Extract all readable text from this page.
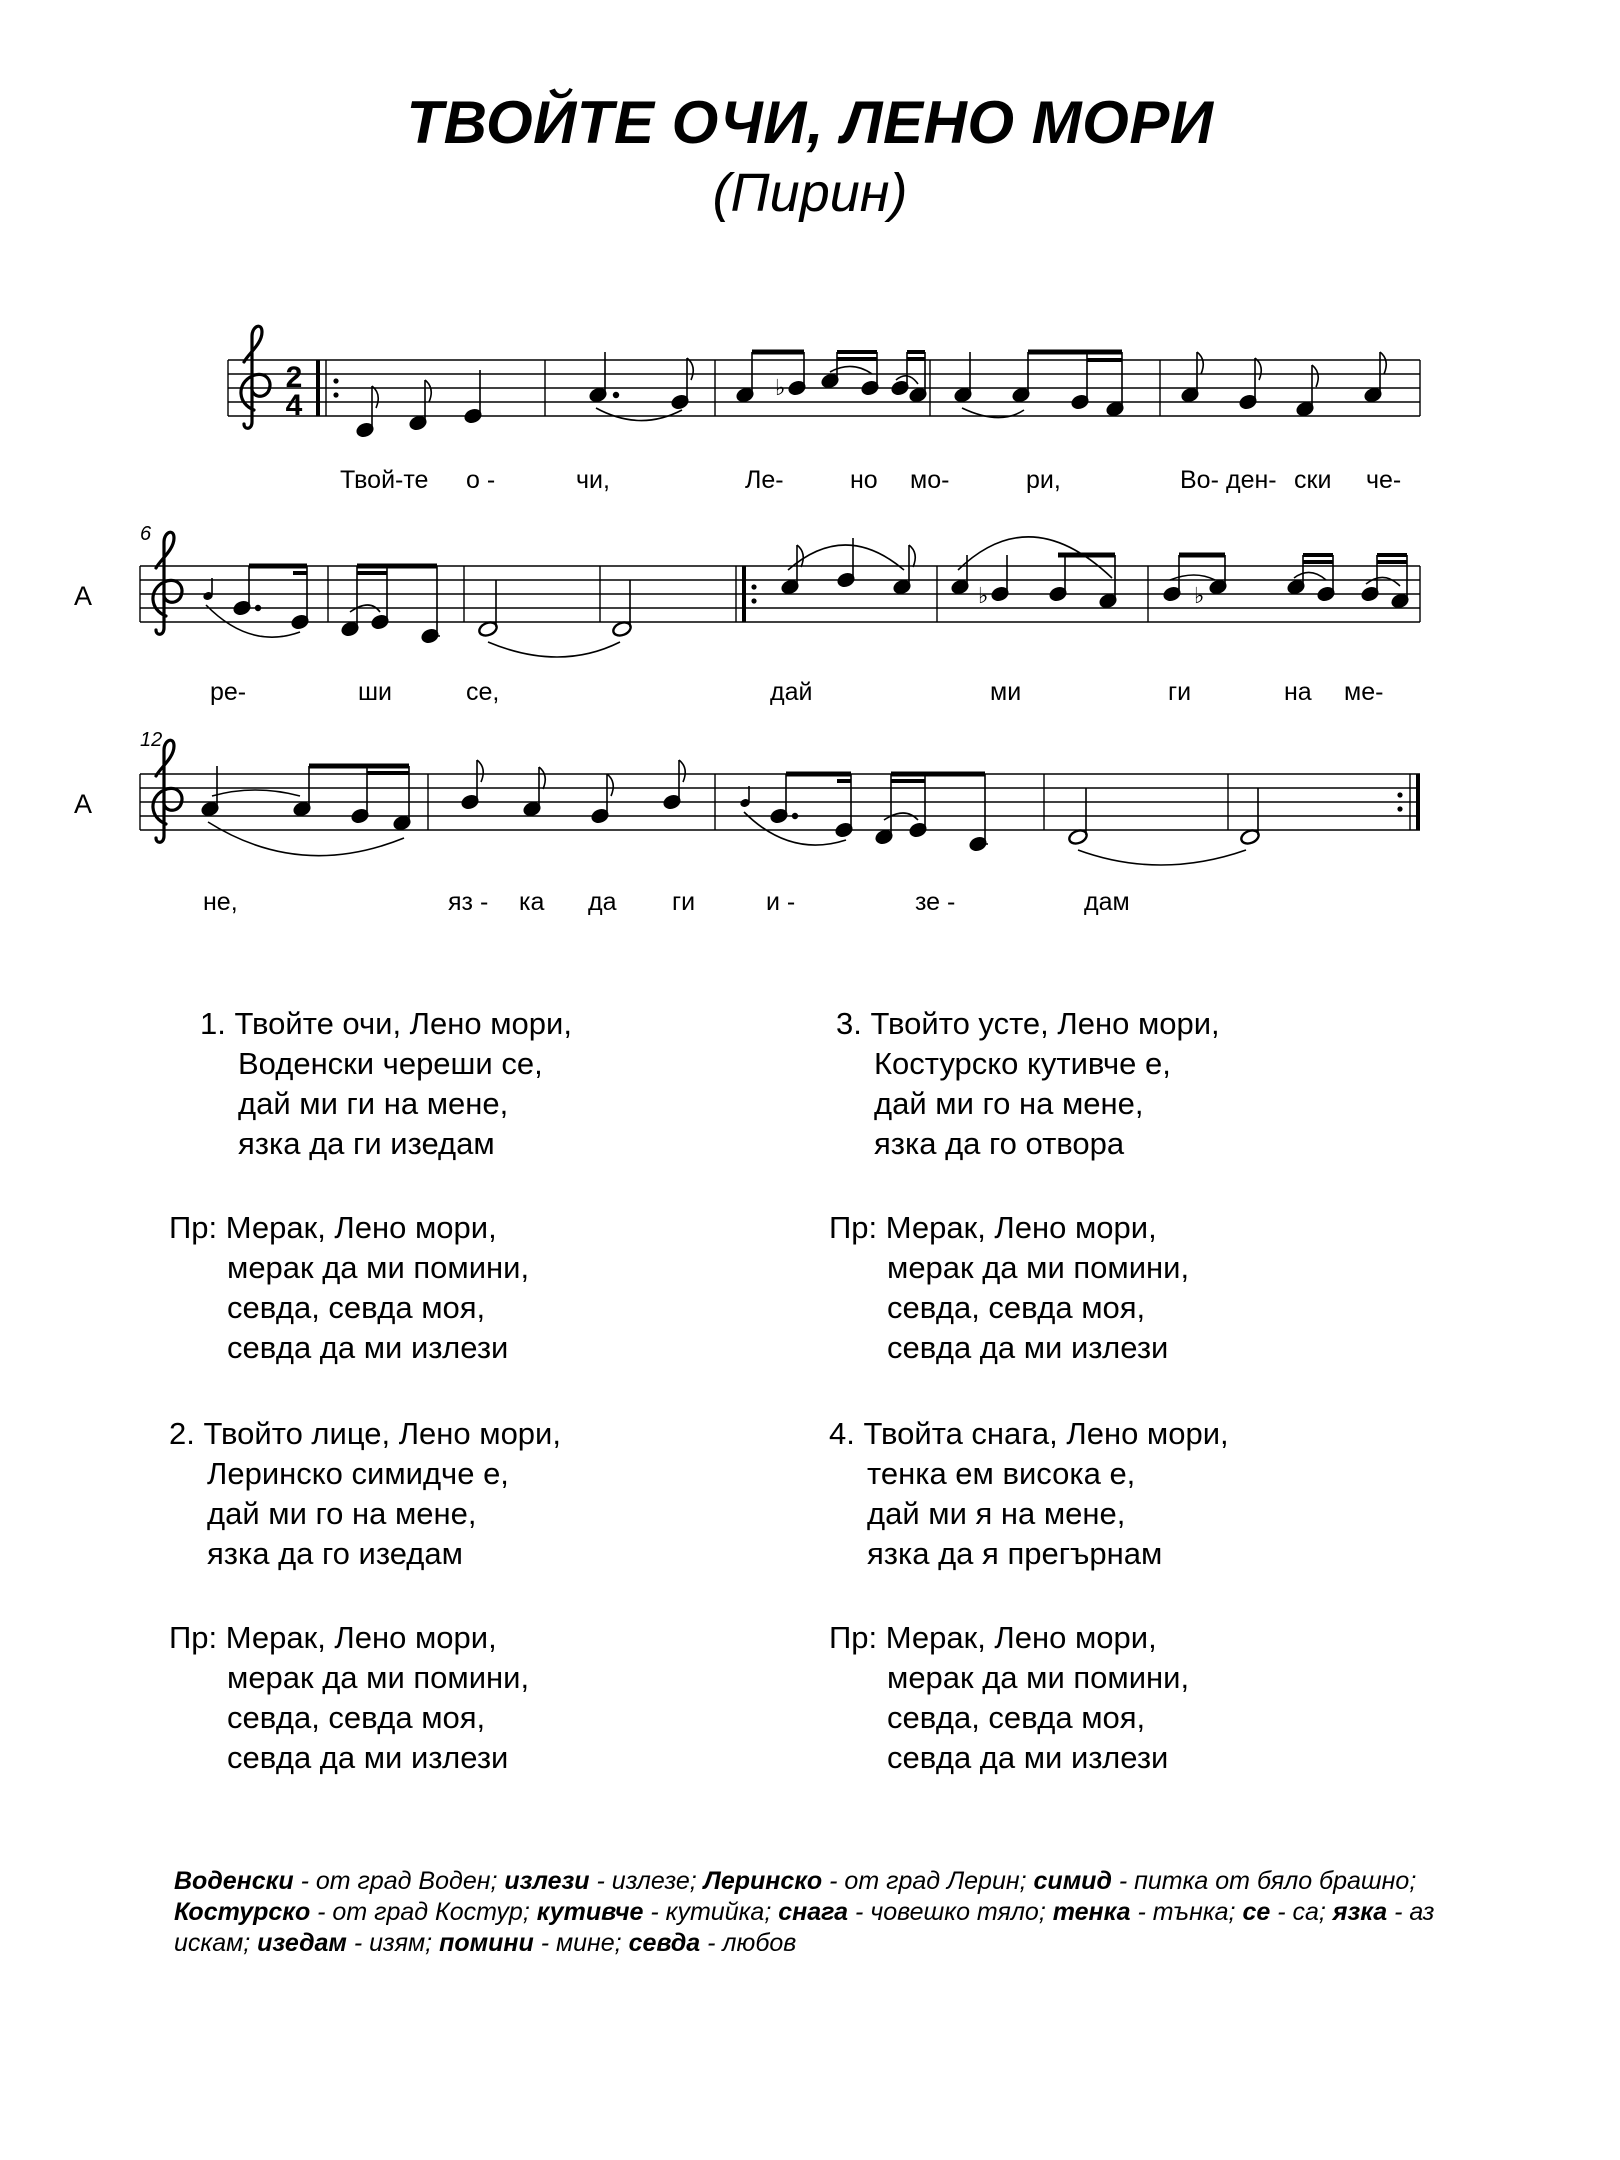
ТВОЙТЕ ОЧИ, ЛЕНО МОРИ
(Пирин)
2
4
♭
Твой-те о -	чи,	Ле-	но мо-	ри,	Во- ден- ски че-
6
A	♭	♭
ре-	ши	се,	дай	ми	ги	на ме-
12
A
не,	яз - ка да ги	и -	зе -	дам
1. Твойте очи, Лено мори,
Воденски череши се,
дай ми ги на мене,
язка да ги изедам
Пр: Мерак, Лено мори,
мерак да ми помини,
севда, севда моя,
севда да ми излези
2. Твойто лице, Лено мори,
Леринско симидче е,
дай ми го на мене,
язка да го изедам
Пр: Мерак, Лено мори,
мерак да ми помини,
севда, севда моя,
севда да ми излези
3. Твойто усте, Лено мори,
Костурско кутивче е,
дай ми го на мене,
язка да го отвора
Пр: Мерак, Лено мори,
мерак да ми помини,
севда, севда моя,
севда да ми излези
4. Твойта снага, Лено мори,
тенка ем висока е,
дай ми я на мене,
язка да я прегърнам
Пр: Мерак, Лено мори,
мерак да ми помини,
севда, севда моя,
севда да ми излези
Воденски - от град Воден; излези - излезе; Леринско - от град Лерин; симид - питка от бяло брашно; Костурско - от град Костур; кутивче - кутийка; снага - човешко тяло; тенка - тънка; се - са; язка - аз искам; изедам - изям; помини - мине; севда - любов
